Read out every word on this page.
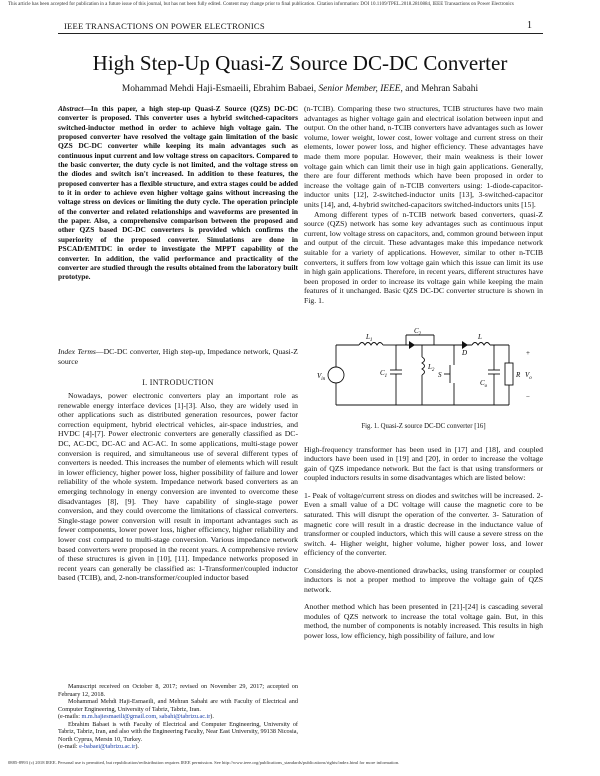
This article has been accepted for publication in a future issue of this journal, but has not been fully edited. Content may change prior to final publication. Citation information: DOI 10.1109/TPEL.2018.2810884, IEEE Transactions on Power Electronics
IEEE TRANSACTIONS ON POWER ELECTRONICS	1
High Step-Up Quasi-Z Source DC-DC Converter
Mohammad Mehdi Haji-Esmaeili, Ebrahim Babaei, Senior Member, IEEE, and Mehran Sabahi
Abstract—In this paper, a high step-up Quasi-Z Source (QZS) DC-DC converter is proposed. This converter uses a hybrid switched-capacitors switched-inductor method in order to achieve high voltage gain. The proposed converter have resolved the voltage gain limitation of the basic QZS DC-DC converter while keeping its main advantages such as continuous input current and low voltage stress on capacitors. Compared to the basic converter, the duty cycle is not limited, and the voltage stress on the diodes and switch isn't increased. In addition to these features, the proposed converter has a flexible structure, and extra stages could be added to it in order to achieve even higher voltage gains without increasing the voltage stress on devices or limiting the duty cycle. The operation principle of the converter and related relationships and waveforms are presented in the paper. Also, a comprehensive comparison between the proposed and other QZS based DC-DC converters is provided which confirms the superiority of the proposed converter. Simulations are done in PSCAD/EMTDC in order to investigate the MPPT capability of the converter. In addition, the valid performance and practicality of the converter are studied through the results obtained from the laboratory built prototype.
Index Terms—DC-DC converter, High step-up, Impedance network, Quasi-Z source
I. INTRODUCTION

Nowadays, power electronic converters play an important role as renewable energy interface devices [1]-[3]. Also, they are widely used in other applications such as distributed generation resources, power factor correction equipment, hybrid electrical vehicles, air-space industries, and HVDC [4]-[7]. Power electronic converters are generally classified as DC-DC, AC-DC, DC-AC and AC-AC. In some applications, multi-stage power conversion is required, and simultaneous use of several different types of converters is needed. This increases the number of elements which will result in lower efficiency, higher power loss, higher possibility of failure and lower reliability of the whole system. Impedance network based converters as an emerging technology in energy conversion are invented to overcome these disadvantages [8], [9]. They have capability of single-stage power conversion, and they could overcome the limitations of classical converters. Single-stage power conversion will result in important advantages such as fewer components, lower power loss, higher efficiency, higher reliability and lower cost compared to multi-stage conversion. Various impedance network based converters were proposed in the recent years. A comprehensive review of these structures is given in [10], [11]. Impedance networks proposed in recent years can generally be classified as: 1-Transformer/coupled inductor based (TCIB), and, 2-non-transformer/coupled inductor based

Manuscript received on October 8, 2017; revised on November 29, 2017; accepted on February 12, 2018.

Mohammad Mehdi Haji-Esmaeili, and Mehran Sabahi are with Faculty of Electrical and Computer Engineering, University of Tabriz, Tabriz, Iran.

(e-mails: m.m.hajiesmaeili@gmail.com, sabahi@tabrizu.ac.ir).

Ebrahim Babaei is with Faculty of Electrical and Computer Engineering, University of Tabriz, Tabriz, Iran, and also with the Engineering Faculty, Near East University, 99138 Nicosia, North Cyprus, Mersin 10, Turkey.

(e-mail: e-babaei@tabrizu.ac.ir).

(n-TCIB). Comparing these two structures, TCIB structures have two main advantages as higher voltage gain and electrical isolation between input and output. On the other hand, n-TCIB converters have advantages such as lower volume, lower weight, lower cost, lower voltage and current stress on their elements, lower power loss, and higher efficiency. These advantages have made them more popular. However, their main weakness is their lower voltage gain which can limit their use in high gain applications. Generally, there are four different methods which have been proposed in order to increase the voltage gain of n-TCIB converters using: 1-diode-capacitor-inductor units [12], 2-switched-inductor units [13], 3-switched-capacitor units [14], and, 4-hybrid switched-capacitors switched-inductors units [15].

Among different types of n-TCIB network based converters, quasi-Z source (QZS) network has some key advantages such as continuous input current, low voltage stress on capacitors, and, common ground between input and output of the circuit. These advantages make this impedance network suitable for a variety of applications. However, similar to other n-TCIB converters, it suffers from low voltage gain which this issue can limit its use in high gain applications. Therefore, in recent years, different structures have been proposed in order to increase its voltage gain while keeping the main features of it unchanged. Basic QZS DC-DC converter structure is shown in Fig. 1.

$V_{in}$
$L_1$
$C_1$
$C_2$
$L_2$
S
D
L
$C_o$
R $V_o$
+
−
Fig. 1. Quasi-Z source DC-DC converter [16]

High-frequency transformer has been used in [17] and [18], and coupled inductors have been used in [19] and [20], in order to increase the voltage gain of QZS impedance network. But the fact is that using transformers or coupled inductors results in some disadvantages which are listed below:

1- Peak of voltage/current stress on diodes and switches will be increased. 2- Even a small value of a DC voltage will cause the magnetic core to be saturated. This will disrupt the operation of the converter. 3- Saturation of magnetic core will result in a drastic decrease in the inductance value of transformer or coupled inductors, which this will cause a severe stress on the switch. 4- Higher weight, higher volume, higher power loss, and lower efficiency of the converter.

Considering the above-mentioned drawbacks, using transformer or coupled inductors is not a proper method to improve the voltage gain of QZS network.

Another method which has been presented in [21]-[24] is cascading several modules of QZS network to increase the total voltage gain. But, in this method, the number of components is notably increased. This results in high power loss, low efficiency, high possibility of failure, and low

0885-8993 (c) 2018 IEEE. Personal use is permitted, but republication/redistribution requires IEEE permission. See http://www.ieee.org/publications_standards/publications/rights/index.html for more information.
